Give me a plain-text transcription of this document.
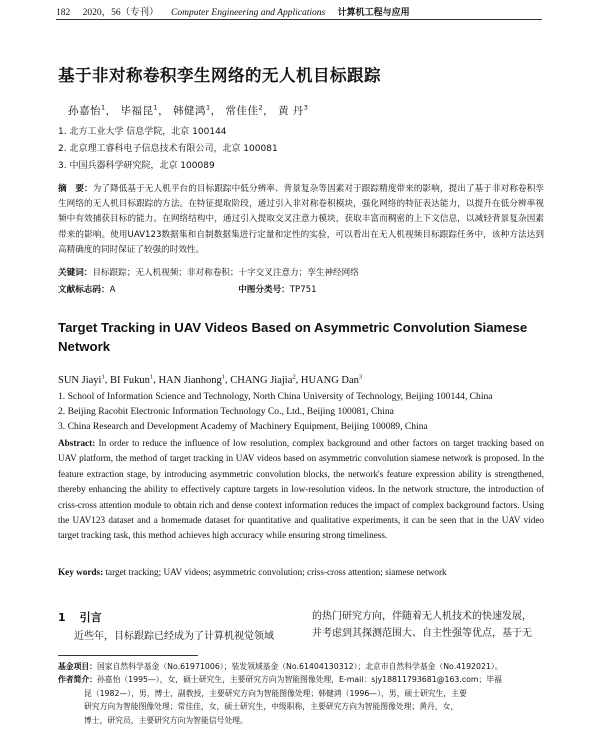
182 2020，56（专刊） Computer Engineering and Applications 计算机工程与应用
基于非对称卷积孪生网络的无人机目标跟踪
孙嘉怡$^1$， 毕福昆$^1$， 韩健鸿$^1$， 常佳佳$^2$， 黄 丹$^3$
1. 北方工业大学 信息学院，北京 100144
2. 北京理工睿科电子信息技术有限公司，北京 100081
3. 中国兵器科学研究院，北京 100089
摘　要：为了降低基于无人机平台的目标跟踪中低分辨率、背景复杂等因素对于跟踪精度带来的影响，提出了基于非对称卷积孪生网络的无人机目标跟踪的方法。在特征提取阶段，通过引入非对称卷积模块，强化网络的特征表达能力，以提升在低分辨率视频中有效捕获目标的能力。在网络结构中，通过引入提取交叉注意力模块，获取丰富而稠密的上下文信息，以减轻背景复杂因素带来的影响。使用UAV123数据集和自制数据集进行定量和定性的实验，可以看出在无人机视频目标跟踪任务中，该种方法达到高精确度的同时保证了较强的时效性。
关键词：目标跟踪；无人机视频；非对称卷积；十字交叉注意力；孪生神经网络
文献标志码：A	中图分类号：TP751
Target Tracking in UAV Videos Based on Asymmetric Convolution Siamese Network
SUN Jiayi$^1$, BI Fukun$^1$, HAN Jianhong$^1$, CHANG Jiajia$^2$, HUANG Dan$^3$
1. School of Information Science and Technology, North China University of Technology, Beijing 100144, China
2. Beijing Racobit Electronic Information Technology Co., Ltd., Beijing 100081, China
3. China Research and Development Academy of Machinery Equipment, Beijing 100089, China
Abstract: In order to reduce the influence of low resolution, complex background and other factors on target tracking based on UAV platform, the method of target tracking in UAV videos based on asymmetric convolution siamese network is proposed. In the feature extraction stage, by introducing asymmetric convolution blocks, the network's feature expression ability is strengthened, thereby enhancing the ability to effectively capture targets in low-resolution videos. In the network structure, the introduction of criss-cross attention module to obtain rich and dense context information reduces the impact of complex background factors. Using the UAV123 dataset and a homemade dataset for quantitative and qualitative experiments, it can be seen that in the UAV video target tracking task, this method achieves high accuracy while ensuring strong timeliness.
Key words: target tracking; UAV videos; asymmetric convolution; criss-cross attention; siamese network
1 引言
近些年，目标跟踪已经成为了计算机视觉领域
的热门研究方向，伴随着无人机技术的快速发展，
并考虑到其探测范围大、自主性强等优点，基于无
基金项目：国家自然科学基金（No.61971006）；装发领域基金（No.61404130312）；北京市自然科学基金（No.4192021）。
作者简介：孙嘉怡（1995—），女，硕士研究生，主要研究方向为智能图像处理，E-mail：sjy18811793681@163.com；毕福
昆（1982—），男，博士，副教授，主要研究方向为智能图像处理；韩健鸿（1996—），男，硕士研究生，主要
研究方向为智能图像处理；常佳佳，女，硕士研究生，中级职称，主要研究方向为智能图像处理；黄丹，女，
博士，研究员，主要研究方向为智能信号处理。
